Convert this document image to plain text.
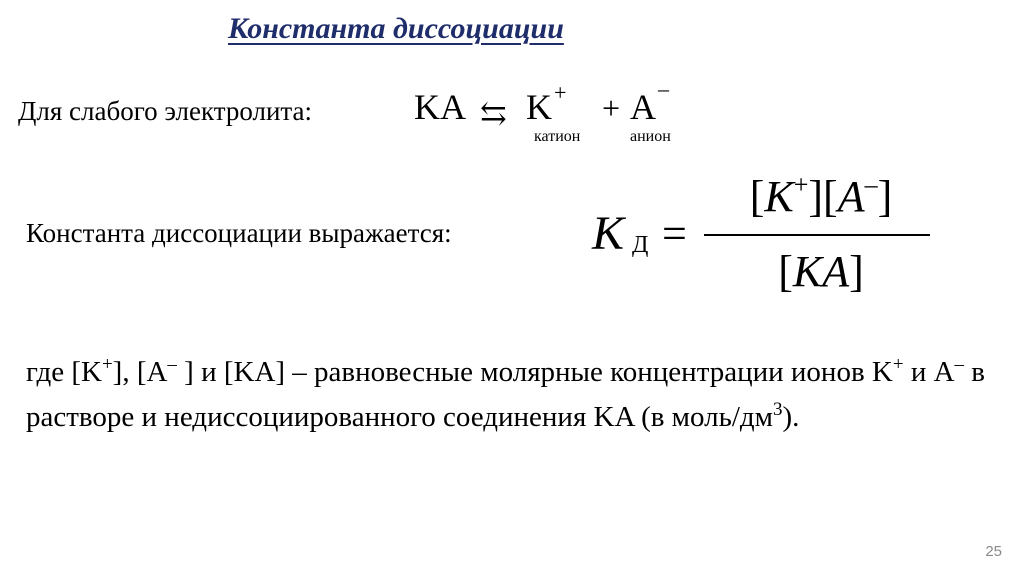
Константа диссоциации
Для слабого электролита:	KA ⇆ K +
катион
+ A –
анион
Константа диссоциации выражается:	K Д =
[K+][A–]
[KA]
где [K+], [A– ] и [KA] – равновесные молярные концентрации ионов K+ и A– в растворе и недиссоциированного соединения KA (в моль/$дм^3$).
25
